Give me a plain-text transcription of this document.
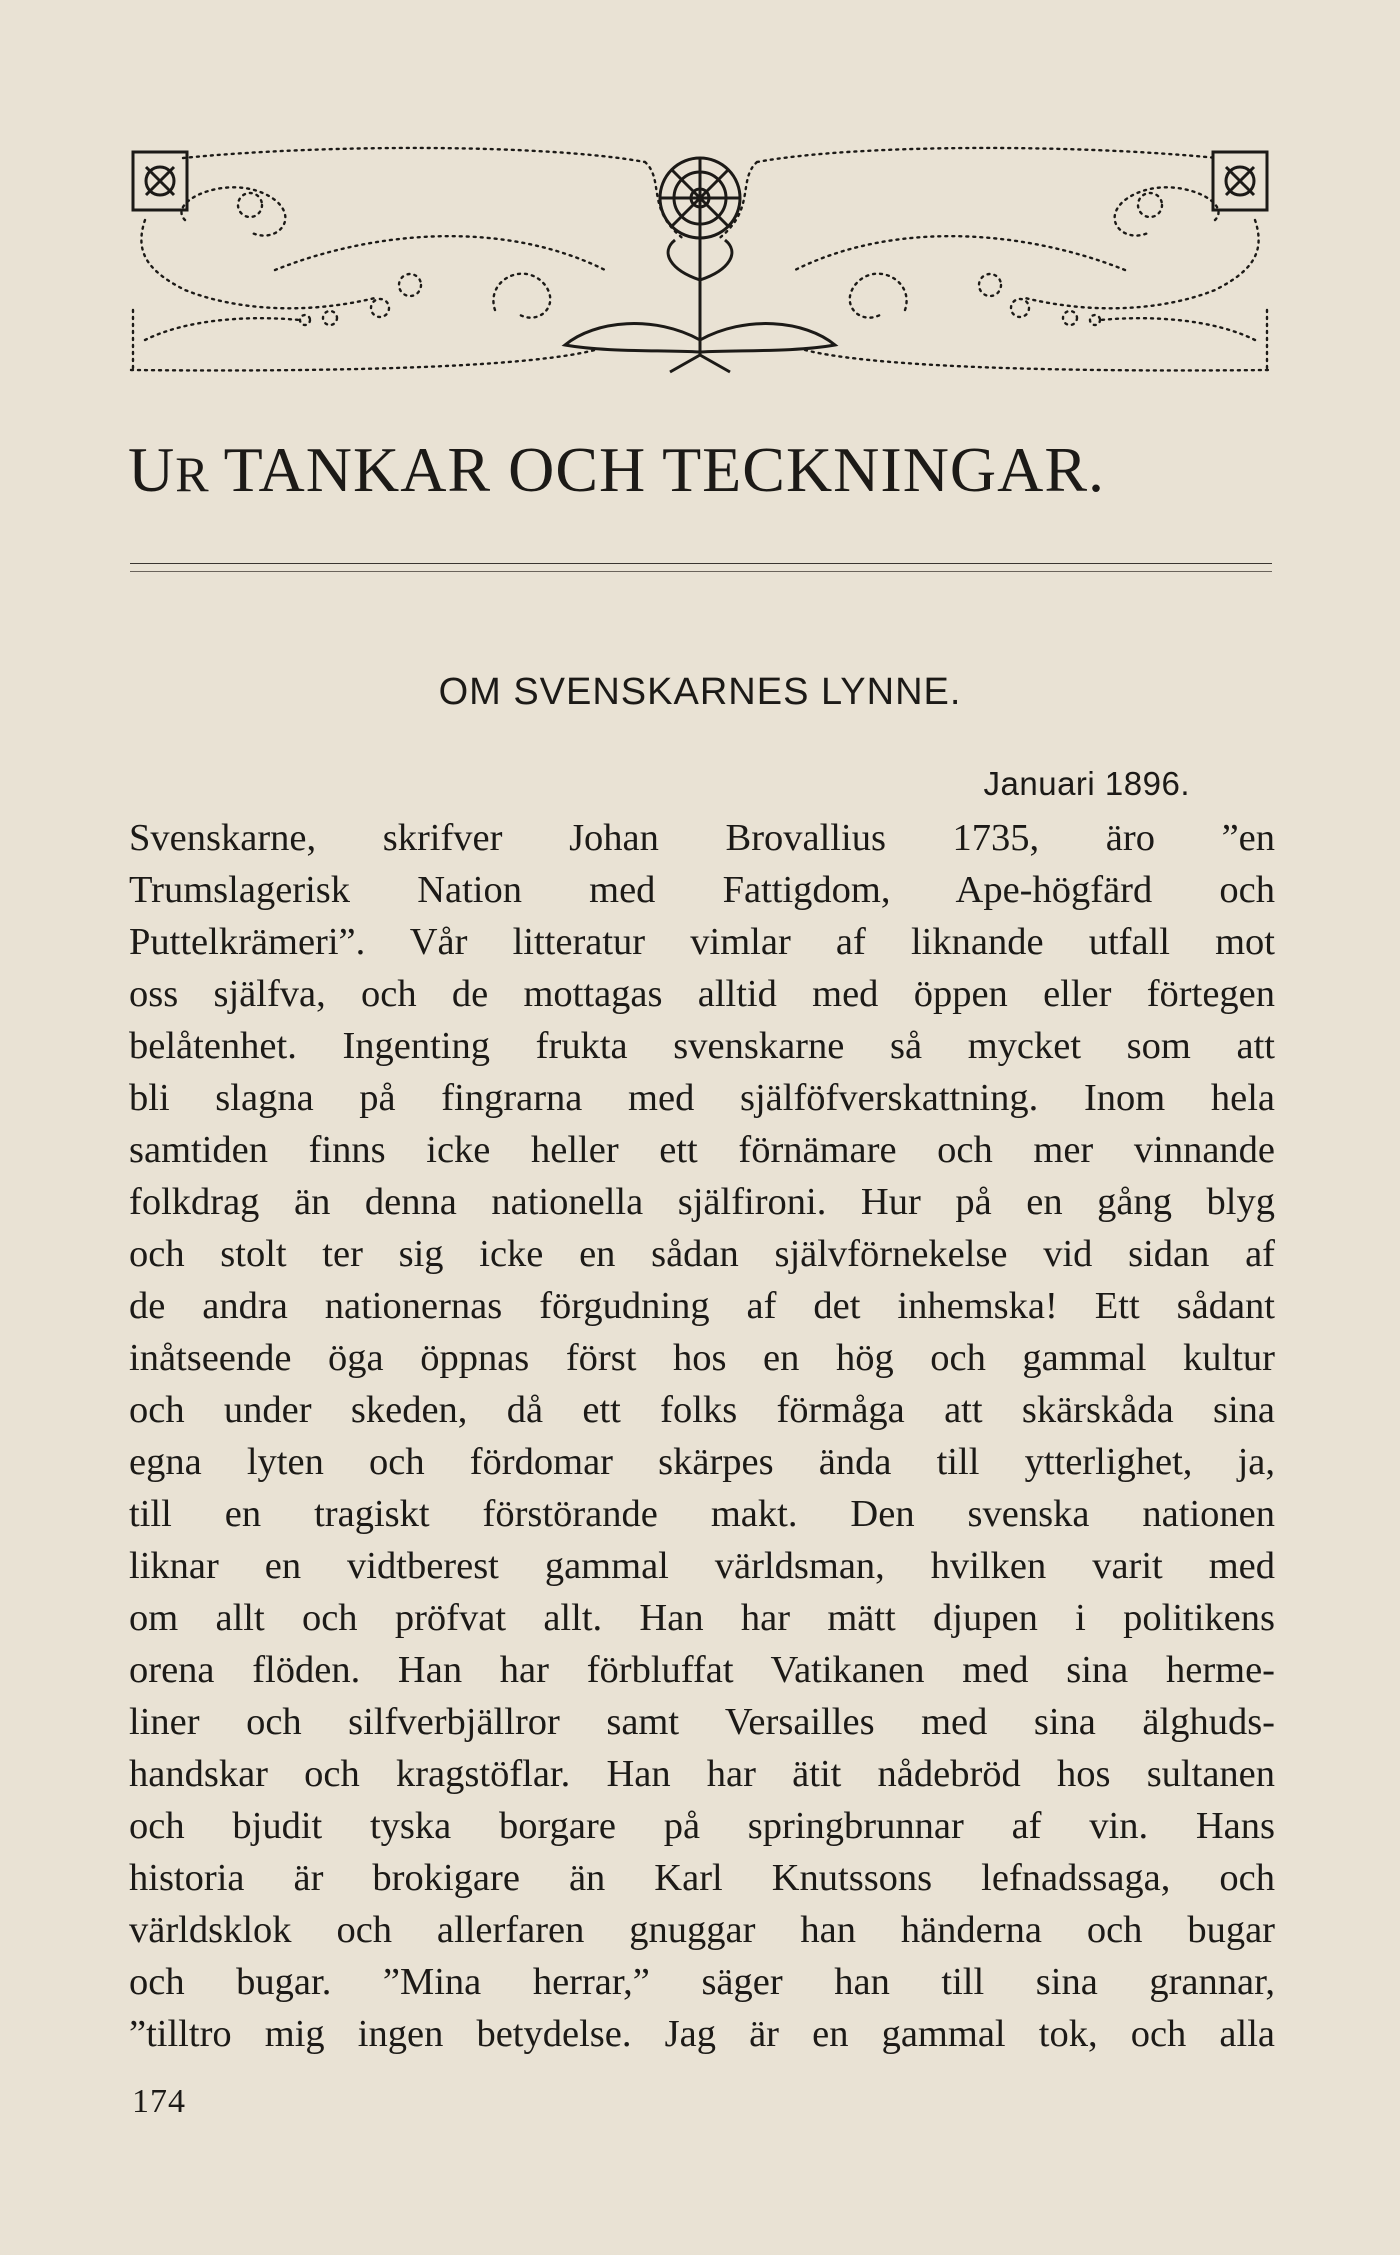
UR TANKAR OCH TECKNINGAR.
OM SVENSKARNES LYNNE.
Januari 1896.
Svenskarne, skrifver Johan Brovallius 1735, äro ”en
Trumslagerisk Nation med Fattigdom, Ape-högfärd och
Puttelkrämeri”. Vår litteratur vimlar af liknande utfall mot
oss själfva, och de mottagas alltid med öppen eller förtegen
belåtenhet. Ingenting frukta svenskarne så mycket som att
bli slagna på fingrarna med själföfverskattning. Inom hela
samtiden finns icke heller ett förnämare och mer vinnande
folkdrag än denna nationella själfironi. Hur på en gång blyg
och stolt ter sig icke en sådan självförnekelse vid sidan af
de andra nationernas förgudning af det inhemska! Ett sådant
inåtseende öga öppnas först hos en hög och gammal kultur
och under skeden, då ett folks förmåga att skärskåda sina
egna lyten och fördomar skärpes ända till ytterlighet, ja,
till en tragiskt förstörande makt. Den svenska nationen
liknar en vidtberest gammal världsman, hvilken varit med
om allt och pröfvat allt. Han har mätt djupen i politikens
orena flöden. Han har förbluffat Vatikanen med sina herme-
liner och silfverbjällror samt Versailles med sina älghuds-
handskar och kragstöflar. Han har ätit nådebröd hos sultanen
och bjudit tyska borgare på springbrunnar af vin. Hans
historia är brokigare än Karl Knutssons lefnadssaga, och
världsklok och allerfaren gnuggar han händerna och bugar
och bugar. ”Mina herrar,” säger han till sina grannar,
”tilltro mig ingen betydelse. Jag är en gammal tok, och alla
174
